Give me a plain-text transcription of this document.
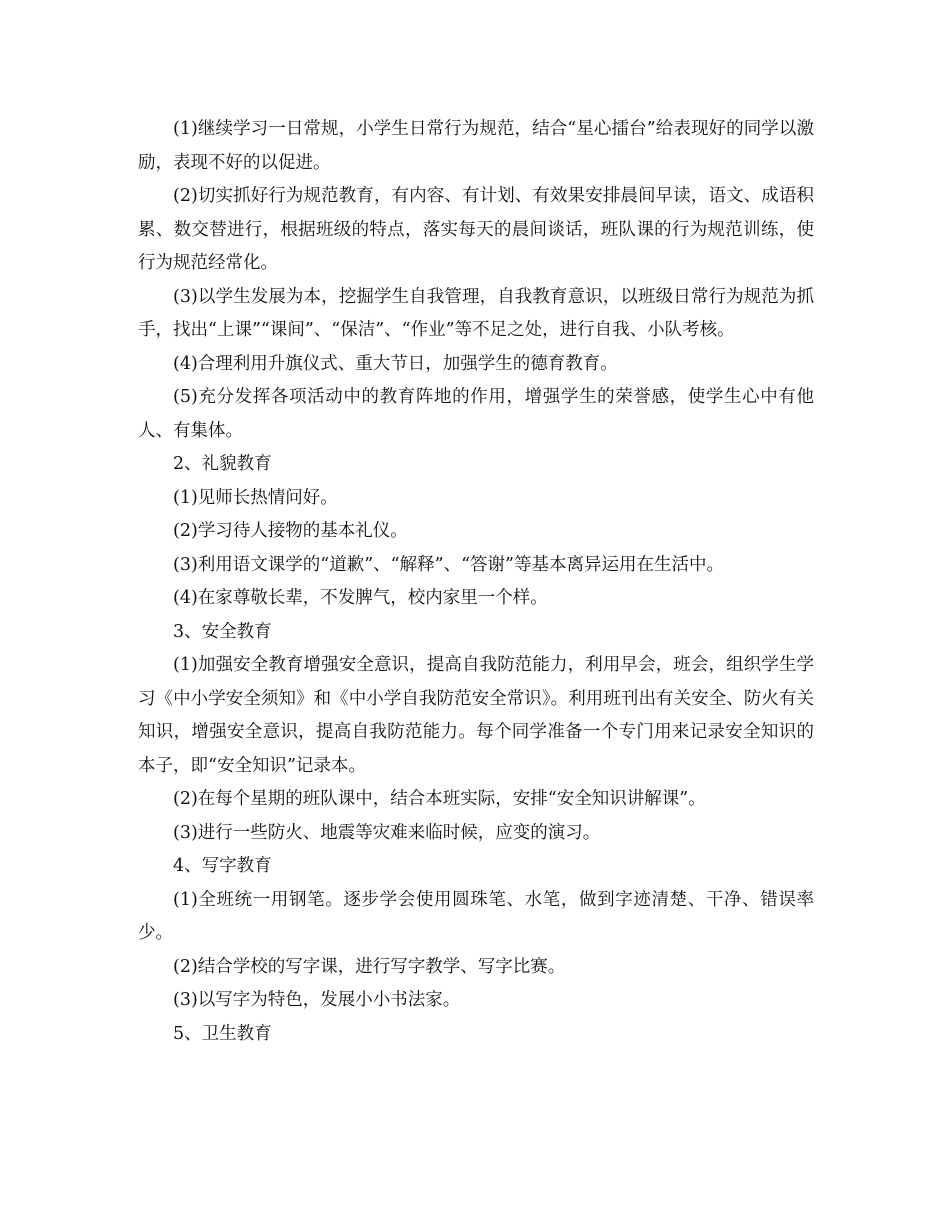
(1)继续学习一日常规，小学生日常行为规范，结合“星心擂台”给表现好的同学以激励，表现不好的以促进。

(2)切实抓好行为规范教育，有内容、有计划、有效果安排晨间早读，语文、成语积累、数交替进行，根据班级的特点，落实每天的晨间谈话，班队课的行为规范训练，使行为规范经常化。

(3)以学生发展为本，挖掘学生自我管理，自我教育意识，以班级日常行为规范为抓手，找出“上课”“课间”、“保洁”、“作业”等不足之处，进行自我、小队考核。

(4)合理利用升旗仪式、重大节日，加强学生的德育教育。

(5)充分发挥各项活动中的教育阵地的作用，增强学生的荣誉感，使学生心中有他人、有集体。

2、礼貌教育

(1)见师长热情问好。

(2)学习待人接物的基本礼仪。

(3)利用语文课学的“道歉”、“解释”、“答谢”等基本离异运用在生活中。

(4)在家尊敬长辈，不发脾气，校内家里一个样。

3、安全教育

(1)加强安全教育增强安全意识，提高自我防范能力，利用早会，班会，组织学生学习《中小学安全须知》和《中小学自我防范安全常识》。利用班刊出有关安全、防火有关知识，增强安全意识，提高自我防范能力。每个同学准备一个专门用来记录安全知识的本子，即“安全知识”记录本。

(2)在每个星期的班队课中，结合本班实际，安排“安全知识讲解课”。

(3)进行一些防火、地震等灾难来临时候，应变的演习。

4、写字教育

(1)全班统一用钢笔。逐步学会使用圆珠笔、水笔，做到字迹清楚、干净、错误率少。

(2)结合学校的写字课，进行写字教学、写字比赛。

(3)以写字为特色，发展小小书法家。

5、卫生教育
